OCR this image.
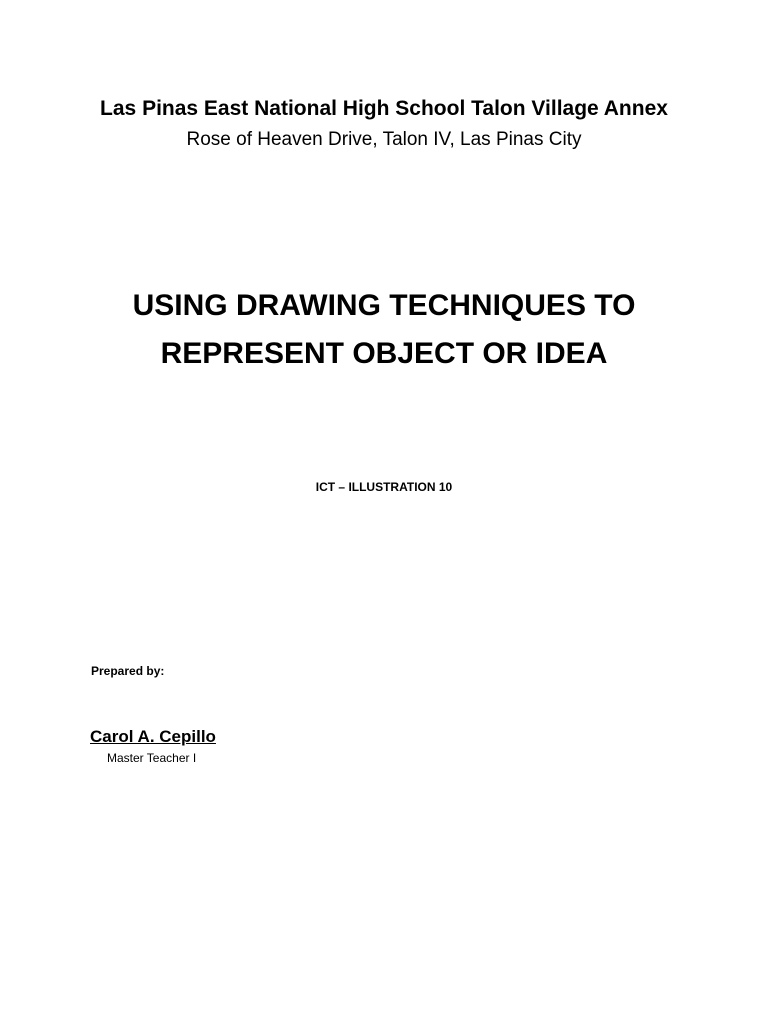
Las Pinas East National High School Talon Village Annex
Rose of Heaven Drive, Talon IV, Las Pinas City
USING DRAWING TECHNIQUES TO
REPRESENT OBJECT OR IDEA
ICT – ILLUSTRATION 10
Prepared by:
Carol A. Cepillo
Master Teacher I
